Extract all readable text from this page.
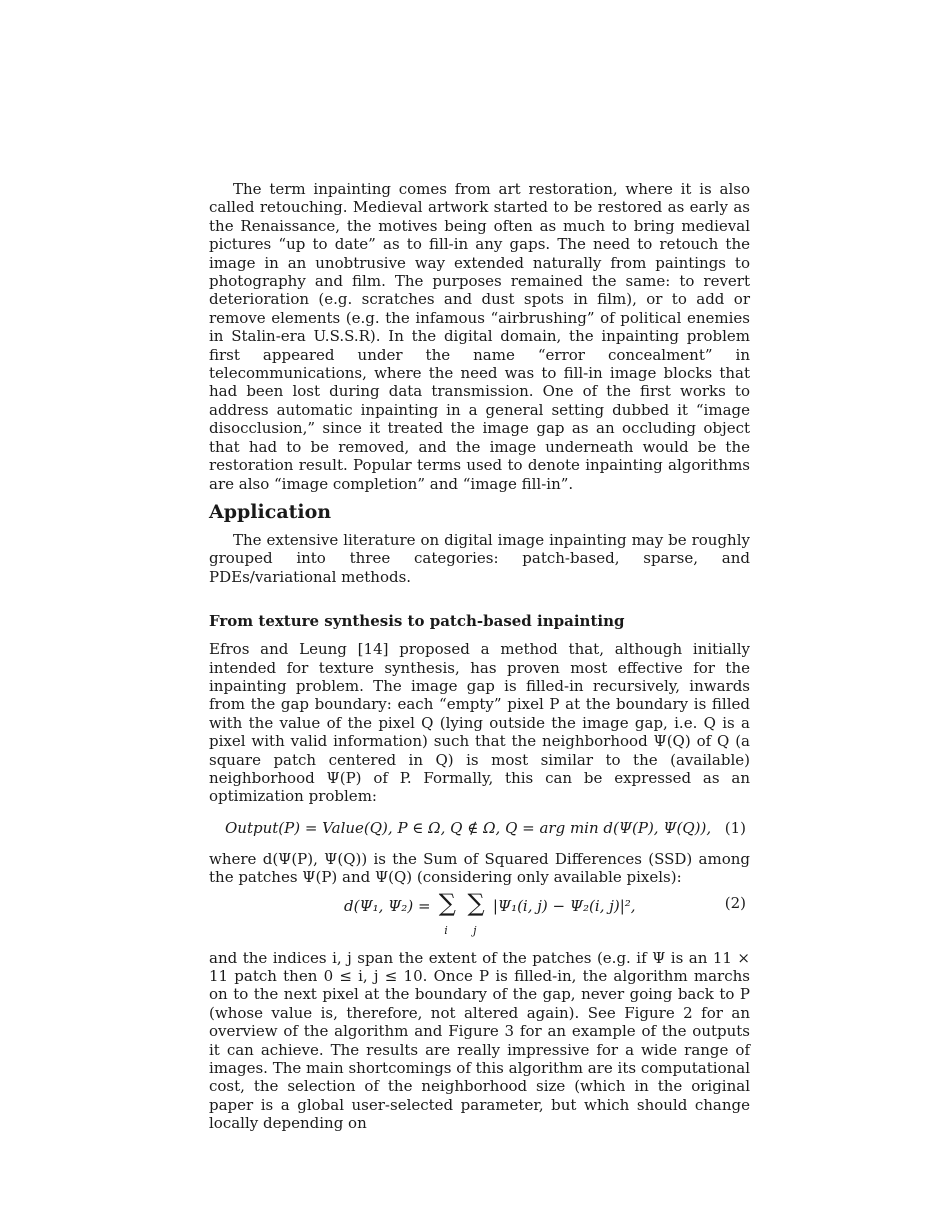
The term inpainting comes from art restoration, where it is also called retouching. Medieval artwork started to be restored as early as the Renaissance, the motives being often as much to bring medieval pictures “up to date” as to fill-in any gaps. The need to retouch the image in an unobtrusive way extended naturally from paintings to photography and film. The purposes remained the same: to revert deterioration (e.g. scratches and dust spots in film), or to add or remove elements (e.g. the infamous “airbrushing” of political enemies in Stalin-era U.S.S.R). In the digital domain, the inpainting problem first appeared under the name “error concealment” in telecommunications, where the need was to fill-in image blocks that had been lost during data transmission. One of the first works to address automatic inpainting in a general setting dubbed it “image disocclusion,” since it treated the image gap as an occluding object that had to be removed, and the image underneath would be the restoration result. Popular terms used to denote inpainting algorithms are also “image completion” and “image fill-in”.

Application

The extensive literature on digital image inpainting may be roughly grouped into three categories: patch-based, sparse, and PDEs/variational methods.

From texture synthesis to patch-based inpainting

Efros and Leung [14] proposed a method that, although initially intended for texture synthesis, has proven most effective for the inpainting problem. The image gap is filled-in recursively, inwards from the gap boundary: each “empty” pixel P at the boundary is filled with the value of the pixel Q (lying outside the image gap, i.e. Q is a pixel with valid information) such that the neighborhood Ψ(Q) of Q (a square patch centered in Q) is most similar to the (available) neighborhood Ψ(P) of P. Formally, this can be expressed as an optimization problem:

Output(P) = Value(Q), P ∈ Ω, Q ∉ Ω, Q = arg min d(Ψ(P), Ψ(Q)), (1)

where d(Ψ(P), Ψ(Q)) is the Sum of Squared Differences (SSD) among the patches Ψ(P) and Ψ(Q) (considering only available pixels):

d(Ψ₁, Ψ₂) = ∑
i
∑
j
|Ψ₁(i, j) − Ψ₂(i, j)|²,	(2)

and the indices i, j span the extent of the patches (e.g. if Ψ is an 11 × 11 patch then 0 ≤ i, j ≤ 10. Once P is filled-in, the algorithm marchs on to the next pixel at the boundary of the gap, never going back to P (whose value is, therefore, not altered again). See Figure 2 for an overview of the algorithm and Figure 3 for an example of the outputs it can achieve. The results are really impressive for a wide range of images. The main shortcomings of this algorithm are its computational cost, the selection of the neighborhood size (which in the original paper is a global user-selected parameter, but which should change locally depending on
